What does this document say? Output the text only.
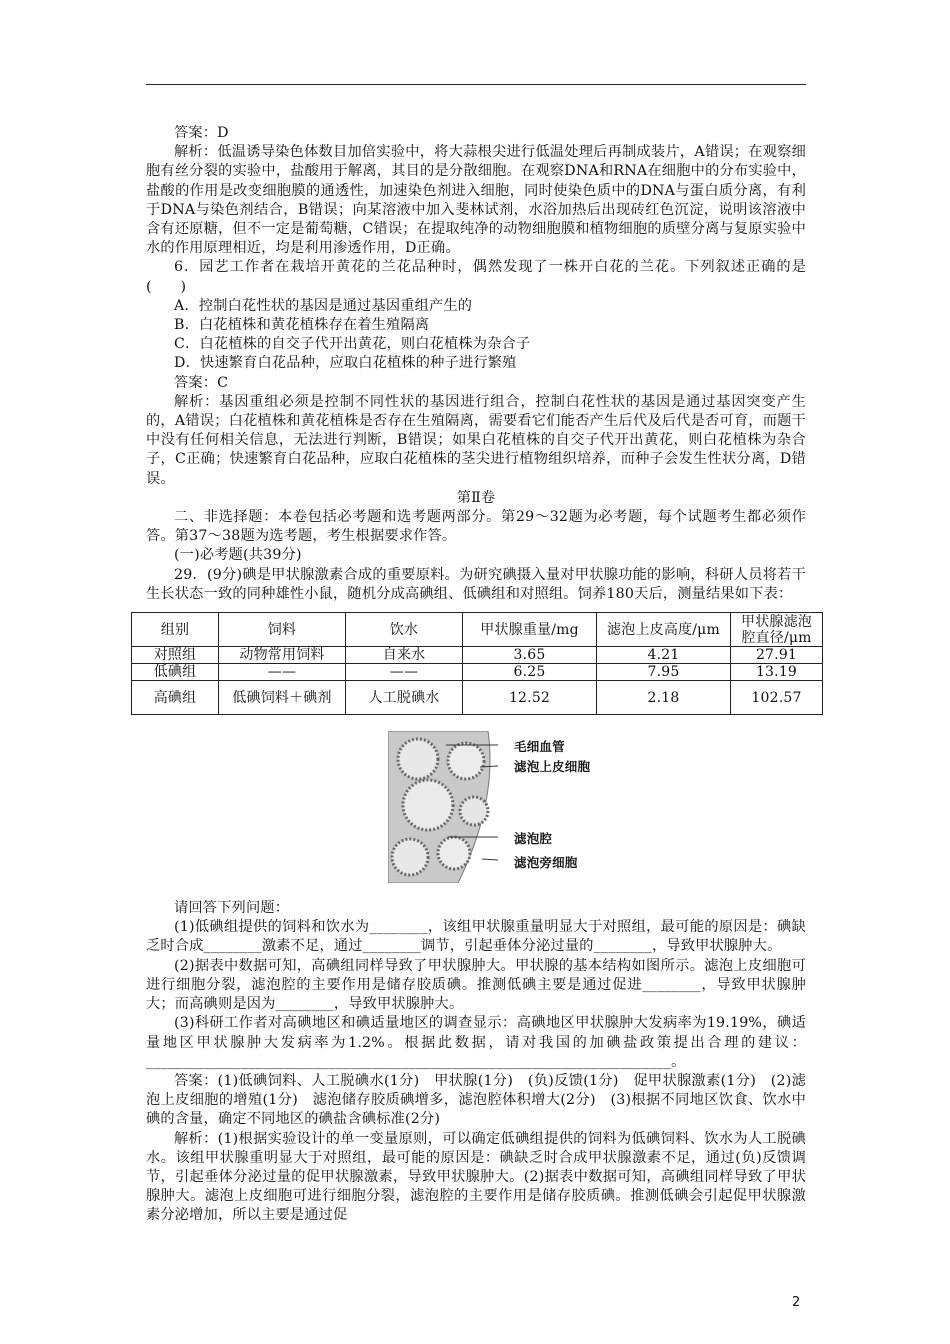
答案：D

解析：低温诱导染色体数目加倍实验中，将大蒜根尖进行低温处理后再制成装片，A错误；在观察细胞有丝分裂的实验中，盐酸用于解离，其目的是分散细胞。在观察DNA和RNA在细胞中的分布实验中，盐酸的作用是改变细胞膜的通透性，加速染色剂进入细胞，同时使染色质中的DNA与蛋白质分离，有利于DNA与染色剂结合，B错误；向某溶液中加入斐林试剂，水浴加热后出现砖红色沉淀，说明该溶液中含有还原糖，但不一定是葡萄糖，C错误；在提取纯净的动物细胞膜和植物细胞的质壁分离与复原实验中水的作用原理相近，均是利用渗透作用，D正确。

6．园艺工作者在栽培开黄花的兰花品种时，偶然发现了一株开白花的兰花。下列叙述正确的是(　　)

A．控制白花性状的基因是通过基因重组产生的

B．白花植株和黄花植株存在着生殖隔离

C．白花植株的自交子代开出黄花，则白花植株为杂合子

D．快速繁育白花品种，应取白花植株的种子进行繁殖

答案：C

解析：基因重组必须是控制不同性状的基因进行组合，控制白花性状的基因是通过基因突变产生的，A错误；白花植株和黄花植株是否存在生殖隔离，需要看它们能否产生后代及后代是否可育，而题干中没有任何相关信息，无法进行判断，B错误；如果白花植株的自交子代开出黄花，则白花植株为杂合子，C正确；快速繁育白花品种，应取白花植株的茎尖进行植物组织培养，而种子会发生性状分离，D错误。

第Ⅱ卷

二、非选择题：本卷包括必考题和选考题两部分。第29～32题为必考题，每个试题考生都必须作答。第37～38题为选考题，考生根据要求作答。

(一)必考题(共39分)

29．(9分)碘是甲状腺激素合成的重要原料。为研究碘摄入量对甲状腺功能的影响，科研人员将若干生长状态一致的同种雄性小鼠，随机分成高碘组、低碘组和对照组。饲养180天后，测量结果如下表：

组别	饲料	饮水	甲状腺重量/mg	滤泡上皮高度/μm	甲状腺滤泡腔直径/μm
对照组	动物常用饲料	自来水	3.65	4.21	27.91
低碘组	——	——	6.25	7.95	13.19
高碘组	低碘饲料＋碘剂	人工脱碘水	12.52	2.18	102.57
毛细血管
滤泡上皮细胞
滤泡腔
滤泡旁细胞

请回答下列问题：

(1)低碘组提供的饲料和饮水为________，该组甲状腺重量明显大于对照组，最可能的原因是：碘缺乏时合成________激素不足，通过________调节，引起垂体分泌过量的________，导致甲状腺肿大。

(2)据表中数据可知，高碘组同样导致了甲状腺肿大。甲状腺的基本结构如图所示。滤泡上皮细胞可进行细胞分裂，滤泡腔的主要作用是储存胶质碘。推测低碘主要是通过促进________，导致甲状腺肿大；而高碘则是因为________，导致甲状腺肿大。

(3)科研工作者对高碘地区和碘适量地区的调查显示：高碘地区甲状腺肿大发病率为19.19%，碘适量地区甲状腺肿大发病率为1.2%。根据此数据，请对我国的加碘盐政策提出合理的建议：________________________________________________________________________。

答案：(1)低碘饲料、人工脱碘水(1分)　甲状腺(1分)　(负)反馈(1分)　促甲状腺激素(1分)　(2)滤泡上皮细胞的增殖(1分)　滤泡储存胶质碘增多，滤泡腔体积增大(2分)　(3)根据不同地区饮食、饮水中碘的含量，确定不同地区的碘盐含碘标准(2分)

解析：(1)根据实验设计的单一变量原则，可以确定低碘组提供的饲料为低碘饲料、饮水为人工脱碘水。该组甲状腺重明显大于对照组，最可能的原因是：碘缺乏时合成甲状腺激素不足，通过(负)反馈调节，引起垂体分泌过量的促甲状腺激素，导致甲状腺肿大。(2)据表中数据可知，高碘组同样导致了甲状腺肿大。滤泡上皮细胞可进行细胞分裂，滤泡腔的主要作用是储存胶质碘。推测低碘会引起促甲状腺激素分泌增加，所以主要是通过促

2
